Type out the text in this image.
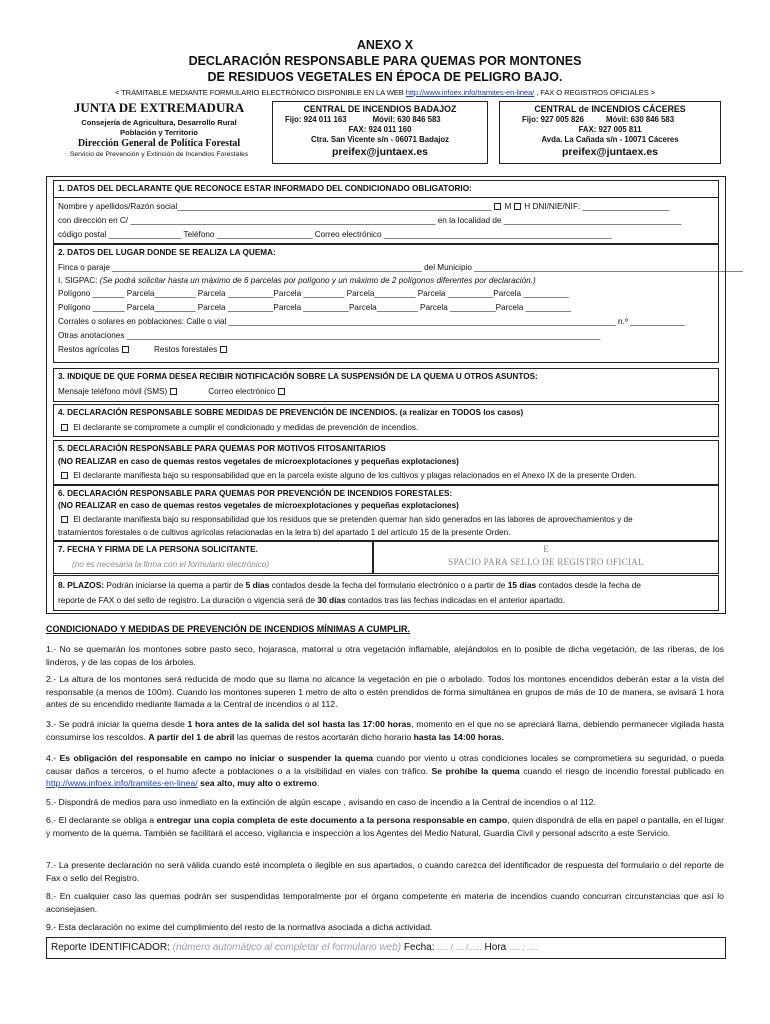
ANEXO X
DECLARACIÓN RESPONSABLE PARA QUEMAS POR MONTONES
DE RESIDUOS VEGETALES EN ÉPOCA DE PELIGRO BAJO.
< TRAMITABLE MEDIANTE FORMULARIO ELECTRÓNICO DISPONIBLE EN LA WEB http://www.infoex.info/tramites-en-linea/ , FAX O REGISTROS OFICIALES >
JUNTA DE EXTREMADURA
Consejería de Agricultura, Desarrollo Rural
Población y Territorio
Dirección General de Política Forestal
Servicio de Prevención y Extinción de Incendios Forestales
CENTRAL DE INCENDIOS BADAJOZ
Fijo: 924 011 163	Móvil: 630 846 583
FAX: 924 011 160
Ctra. San Vicente s/n - 06071 Badajoz
preifex@juntaex.es
CENTRAL de INCENDIOS CÁCERES
Fijo: 927 005 826	Móvil: 630 846 583
FAX: 927 005 811
Avda. La Cañada s/n - 10071 Cáceres
preifex@juntaex.es
1. DATOS DEL DECLARANTE QUE RECONOCE ESTAR INFORMADO DEL CONDICIONADO OBLIGATORIO:
Nombre y apellidos/Razón social_____________________________________________________________________ M H DNI/NIE/NIF: ___________________
con dirección en C/ ___________________________________________________________________ en la localidad de _______________________________________
código postal ________________ Teléfono _____________________ Correo electrónico __________________________________________________
2. DATOS DEL LUGAR DONDE SE REALIZA LA QUEMA:
Finca o paraje ____________________________________________________________________ del Municipio ___________________________________________________________
I. SIGPAC: (Se podrá solicitar hasta un máximo de 6 parcelas por polígono y un máximo de 2 polígonos diferentes por declaración.)
Polígono _______ Parcela_________ Parcela __________Parcela _________ Parcela_________ Parcela __________Parcela __________
Polígono _______ Parcela_________ Parcela __________Parcela __________Parcela_________ Parcela __________Parcela __________
Corrales o solares en poblaciones: Calle o vial _____________________________________________________________________________________ n.º ____________
Otras anotaciones ________________________________________________________________________________________________________
Restos agrícolas	Restos forestales
3. INDIQUE DE QUE FORMA DESEA RECIBIR NOTIFICACIÓN SOBRE LA SUSPENSIÓN DE LA QUEMA U OTROS ASUNTOS:
Mensaje teléfono móvil (SMS)	Correo electrónico
4. DECLARACIÓN RESPONSABLE SOBRE MEDIDAS DE PREVENCIÓN DE INCENDIOS. (a realizar en TODOS los casos)
El declarante se compromete a cumplir el condicionado y medidas de prevención de incendios.
5. DECLARACIÓN RESPONSABLE PARA QUEMAS POR MOTIVOS FITOSANITARIOS
(NO REALIZAR en caso de quemas restos vegetales de microexplotaciones y pequeñas explotaciones)
El declarante manifiesta bajo su responsabilidad que en la parcela existe alguno de los cultivos y plagas relacionados en el Anexo IX de la presente Orden.
6. DECLARACIÓN RESPONSABLE PARA QUEMAS POR PREVENCIÓN DE INCENDIOS FORESTALES:
(NO REALIZAR en caso de quemas restos vegetales de microexplotaciones y pequeñas explotaciones)
El declarante manifiesta bajo su responsabilidad que los residuos que se pretenden quemar han sido generados en las labores de aprovechamientos y de
tratamientos forestales o de cultivos agrícolas relacionadas en la letra b) del apartado 1 del artículo 15 de la presente Orden.
7. FECHA Y FIRMA DE LA PERSONA SOLICITANTE.
(no es necesaria la firma con el formulario electrónico)
E
SPACIO PARA SELLO DE REGISTRO OFICIAL
8. PLAZOS: Podrán iniciarse la quema a partir de 5 días contados desde la fecha del formulario electrónico o a partir de 15 días contados desde la fecha de
reporte de FAX o del sello de registro. La duración o vigencia será de 30 días contados tras las fechas indicadas en el anterior apartado.
CONDICIONADO Y MEDIDAS DE PREVENCIÓN DE INCENDIOS MÍNIMAS A CUMPLIR.

1.- No se quemarán los montones sobre pasto seco, hojarasca, matorral u otra vegetación inflamable, alejándolos en lo posible de dicha vegetación, de las riberas, de los linderos, y de las copas de los árboles.

2.- La altura de los montones será reducida de modo que su llama no alcance la vegetación en pie o arbolado. Todos los montones encendidos deberán estar a la vista del responsable (a menos de 100m). Cuando los montones superen 1 metro de alto o estén prendidos de forma simultánea en grupos de más de 10 de manera, se avisará 1 hora antes de su encendido mediante llamada a la Central de incendios o al 112.

3.- Se podrá iniciar la quema desde 1 hora antes de la salida del sol hasta las 17:00 horas, momento en el que no se apreciará llama, debiendo permanecer vigilada hasta consumirse los rescoldos. A partir del 1 de abril las quemas de restos acortarán dicho horario hasta las 14:00 horas.

4.- Es obligación del responsable en campo no iniciar o suspender la quema cuando por viento u otras condiciones locales se comprometiera su seguridad, o pueda causar daños a terceros, o el humo afecte a poblaciones o a la visibilidad en viales con tráfico. Se prohíbe la quema cuando el riesgo de incendio forestal publicado en http://www.infoex.info/tramites-en-linea/ sea alto, muy alto o extremo.

5.- Dispondrá de medios para uso inmediato en la extinción de algún escape , avisando en caso de incendio a la Central de incendios o al 112.

6.- El declarante se obliga a entregar una copia completa de este documento a la persona responsable en campo, quien dispondrá de ella en papel o pantalla, en el lugar y momento de la quema. También se facilitará el acceso, vigilancia e inspección a los Agentes del Medio Natural, Guardia Civil y personal adscrito a este Servicio.

7.- La presente declaración no será válida cuando esté incompleta o ilegible en sus apartados, o cuando carezca del identificador de respuesta del formulario o del reporte de Fax o sello del Registro.

8.- En cualquier caso las quemas podrán ser suspendidas temporalmente por el órgano competente en materia de incendios cuando concurran circunstancias que así lo aconsejasen.

9.- Esta declaración no exime del cumplimiento del resto de la normativa asociada a dicha actividad.

Reporte IDENTIFICADOR: (número automático al completar el formulario web) Fecha: ..... /..... /...... Hora ..... : .....
